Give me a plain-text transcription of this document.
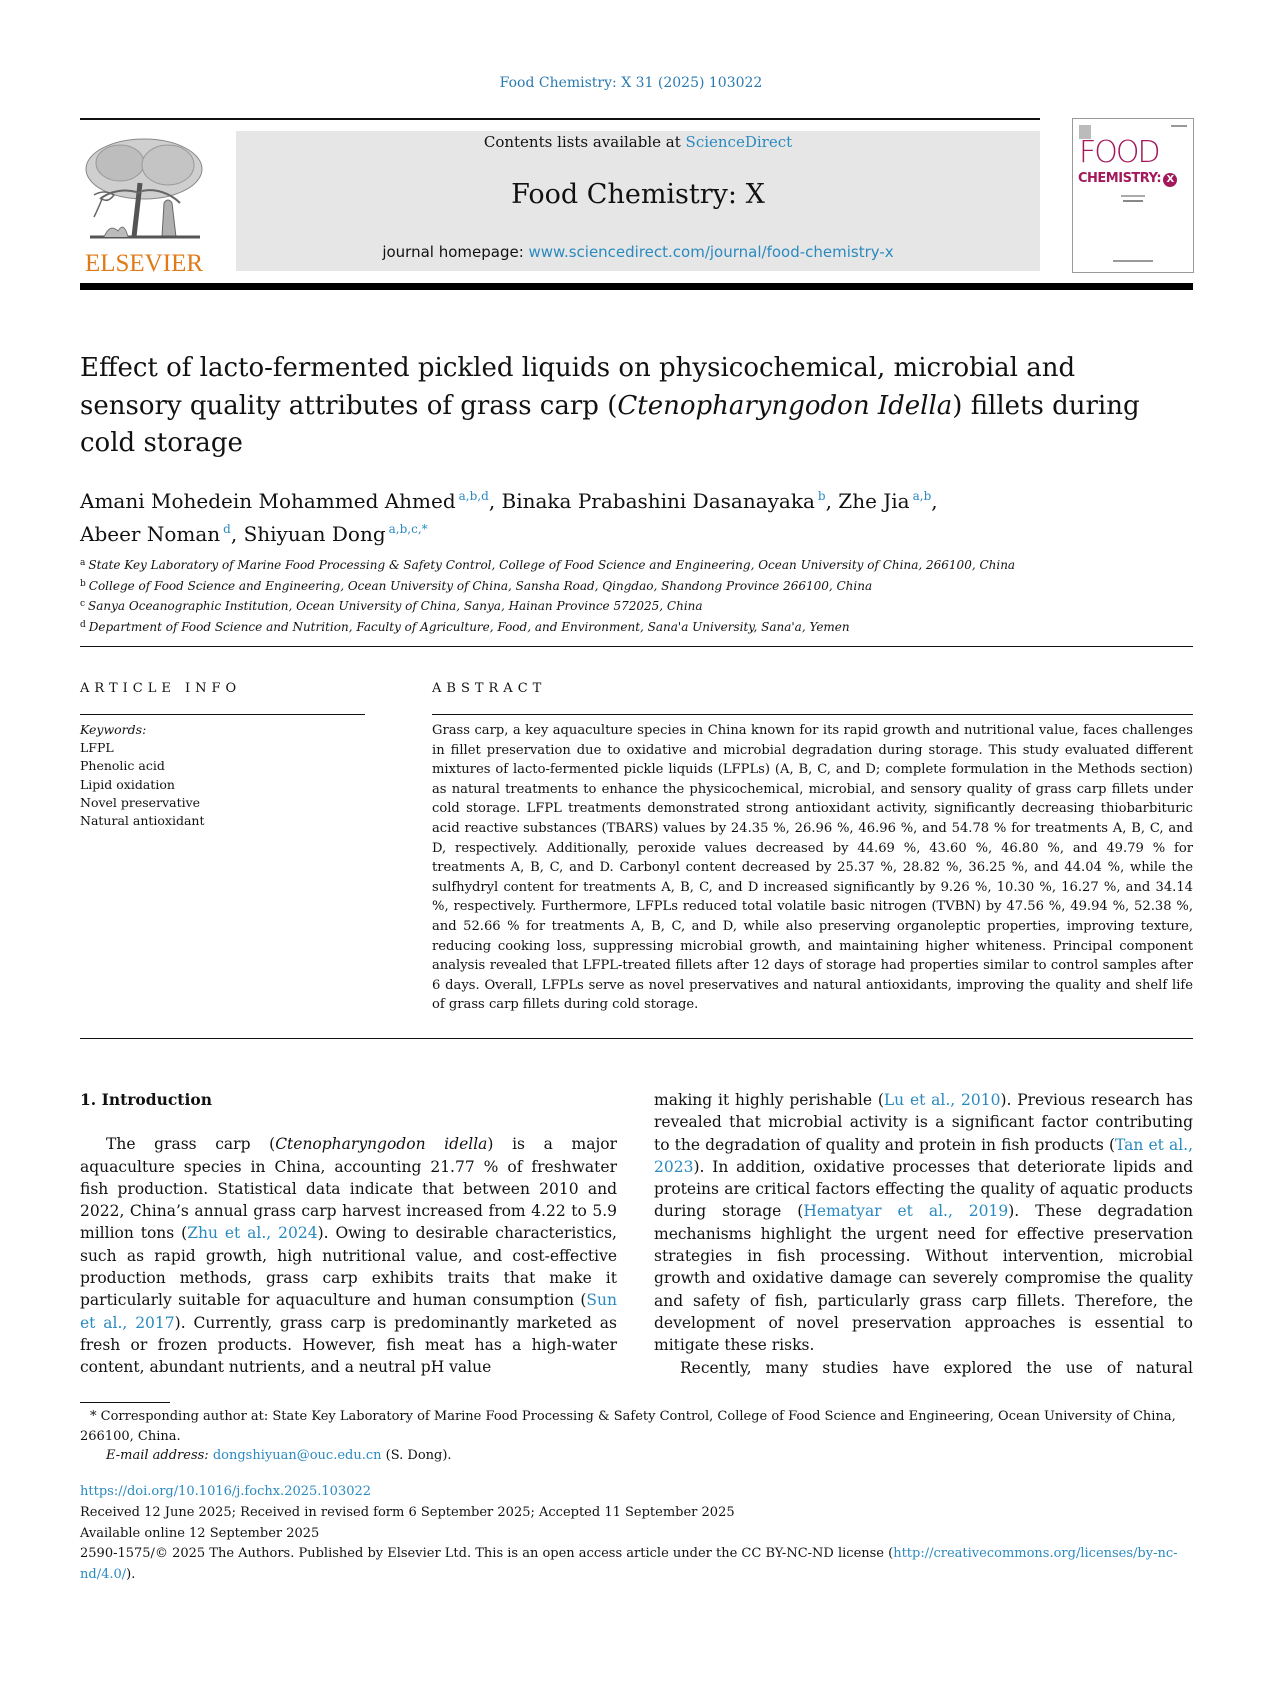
Food Chemistry: X 31 (2025) 103022
ELSEVIER
Contents lists available at ScienceDirect
Food Chemistry: X
journal homepage: www.sciencedirect.com/journal/food-chemistry-x
FOOD
CHEMISTRY: X
Effect of lacto-fermented pickled liquids on physicochemical, microbial and sensory quality attributes of grass carp (Ctenopharyngodon Idella) fillets during cold storage
Amani Mohedein Mohammed Ahmed $^{a,b,d}$, Binaka Prabashini Dasanayaka $^b$, Zhe Jia $^{a,b}$,
Abeer Noman $^d$, Shiyuan Dong $^{a,b,c,*}$
$^a$ State Key Laboratory of Marine Food Processing & Safety Control, College of Food Science and Engineering, Ocean University of China, 266100, China
$^b$ College of Food Science and Engineering, Ocean University of China, Sansha Road, Qingdao, Shandong Province 266100, China
$^c$ Sanya Oceanographic Institution, Ocean University of China, Sanya, Hainan Province 572025, China
$^d$ Department of Food Science and Nutrition, Faculty of Agriculture, Food, and Environment, Sana'a University, Sana'a, Yemen
ARTICLE INFO	ABSTRACT
Keywords:
LFPL
Phenolic acid
Lipid oxidation
Novel preservative
Natural antioxidant
Grass carp, a key aquaculture species in China known for its rapid growth and nutritional value, faces challenges in fillet preservation due to oxidative and microbial degradation during storage. This study evaluated different mixtures of lacto-fermented pickle liquids (LFPLs) (A, B, C, and D; complete formulation in the Methods section) as natural treatments to enhance the physicochemical, microbial, and sensory quality of grass carp fillets under cold storage. LFPL treatments demonstrated strong antioxidant activity, significantly decreasing thiobarbituric acid reactive substances (TBARS) values by 24.35 %, 26.96 %, 46.96 %, and 54.78 % for treatments A, B, C, and D, respectively. Additionally, peroxide values decreased by 44.69 %, 43.60 %, 46.80 %, and 49.79 % for treatments A, B, C, and D. Carbonyl content decreased by 25.37 %, 28.82 %, 36.25 %, and 44.04 %, while the sulfhydryl content for treatments A, B, C, and D increased significantly by 9.26 %, 10.30 %, 16.27 %, and 34.14 %, respectively. Furthermore, LFPLs reduced total volatile basic nitrogen (TVBN) by 47.56 %, 49.94 %, 52.38 %, and 52.66 % for treatments A, B, C, and D, while also preserving organoleptic properties, improving texture, reducing cooking loss, suppressing microbial growth, and maintaining higher whiteness. Principal component analysis revealed that LFPL-treated fillets after 12 days of storage had properties similar to control samples after 6 days. Overall, LFPLs serve as novel preservatives and natural antioxidants, improving the quality and shelf life of grass carp fillets during cold storage.
1. Introduction
The grass carp (Ctenopharyngodon idella) is a major aquaculture species in China, accounting 21.77 % of freshwater fish production. Statistical data indicate that between 2010 and 2022, China’s annual grass carp harvest increased from 4.22 to 5.9 million tons (Zhu et al., 2024). Owing to desirable characteristics, such as rapid growth, high nutritional value, and cost-effective production methods, grass carp exhibits traits that make it particularly suitable for aquaculture and human consumption (Sun et al., 2017). Currently, grass carp is predominantly marketed as fresh or frozen products. However, fish meat has a high-water content, abundant nutrients, and a neutral pH value
making it highly perishable (Lu et al., 2010). Previous research has revealed that microbial activity is a significant factor contributing to the degradation of quality and protein in fish products (Tan et al., 2023). In addition, oxidative processes that deteriorate lipids and proteins are critical factors effecting the quality of aquatic products during storage (Hematyar et al., 2019). These degradation mechanisms highlight the urgent need for effective preservation strategies in fish processing. Without intervention, microbial growth and oxidative damage can severely compromise the quality and safety of fish, particularly grass carp fillets. Therefore, the development of novel preservation approaches is essential to mitigate these risks.
Recently, many studies have explored the use of natural
* Corresponding author at: State Key Laboratory of Marine Food Processing & Safety Control, College of Food Science and Engineering, Ocean University of China, 266100, China.
E-mail address: dongshiyuan@ouc.edu.cn (S. Dong).
https://doi.org/10.1016/j.fochx.2025.103022
Received 12 June 2025; Received in revised form 6 September 2025; Accepted 11 September 2025
Available online 12 September 2025
2590-1575/© 2025 The Authors. Published by Elsevier Ltd. This is an open access article under the CC BY-NC-ND license (http://creativecommons.org/licenses/by-nc-nd/4.0/).
